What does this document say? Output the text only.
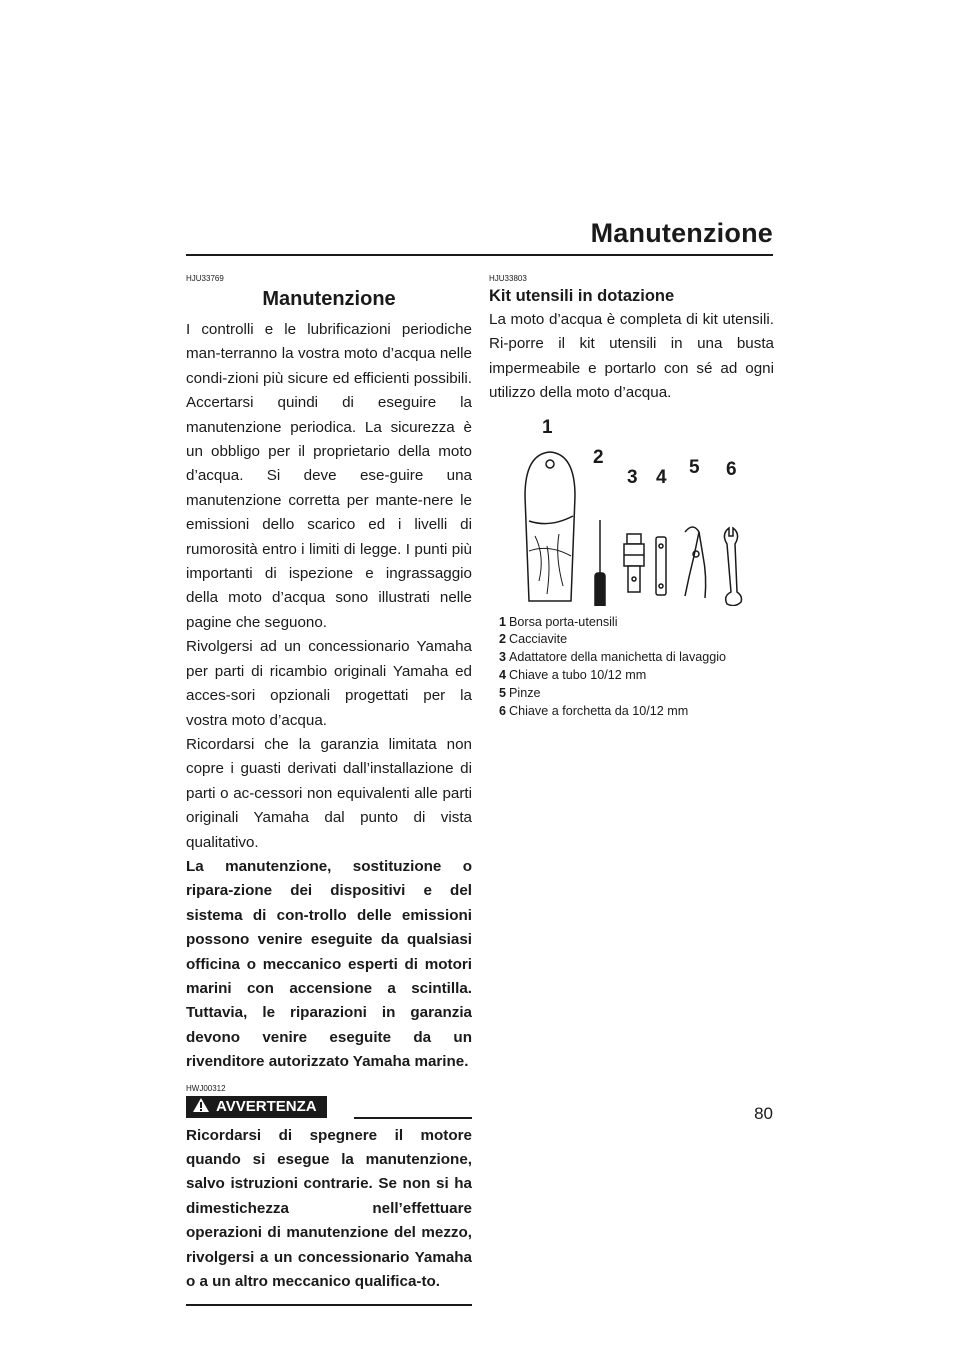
Manutenzione
HJU33769
Manutenzione

I controlli e le lubrificazioni periodiche man-terranno la vostra moto d’acqua nelle condi-zioni più sicure ed efficienti possibili. Accertarsi quindi di eseguire la manutenzione periodica. La sicurezza è un obbligo per il proprietario della moto d’acqua. Si deve ese-guire una manutenzione corretta per mante-nere le emissioni dello scarico ed i livelli di rumorosità entro i limiti di legge. I punti più importanti di ispezione e ingrassaggio della moto d’acqua sono illustrati nelle pagine che seguono.

Rivolgersi ad un concessionario Yamaha per parti di ricambio originali Yamaha ed acces-sori opzionali progettati per la vostra moto d’acqua.

Ricordarsi che la garanzia limitata non copre i guasti derivati dall’installazione di parti o ac-cessori non equivalenti alle parti originali Yamaha dal punto di vista qualitativo.

La manutenzione, sostituzione o ripara-zione dei dispositivi e del sistema di con-trollo delle emissioni possono venire eseguite da qualsiasi officina o meccanico esperti di motori marini con accensione a scintilla. Tuttavia, le riparazioni in garanzia devono venire eseguite da un rivenditore autorizzato Yamaha marine.

HWJ00312
AVVERTENZA

Ricordarsi di spegnere il motore quando si esegue la manutenzione, salvo istruzioni contrarie. Se non si ha dimestichezza nell’effettuare operazioni di manutenzione del mezzo, rivolgersi a un concessionario Yamaha o a un altro meccanico qualifica-to.

HJU33803
Kit utensili in dotazione

La moto d’acqua è completa di kit utensili. Ri-porre il kit utensili in una busta impermeabile e portarlo con sé ad ogni utilizzo della moto d’acqua.

1
2
3 4 5 6
1 Borsa porta-utensili
2 Cacciavite
3 Adattatore della manichetta di lavaggio
4 Chiave a tubo 10/12 mm
5 Pinze
6 Chiave a forchetta da 10/12 mm
80
